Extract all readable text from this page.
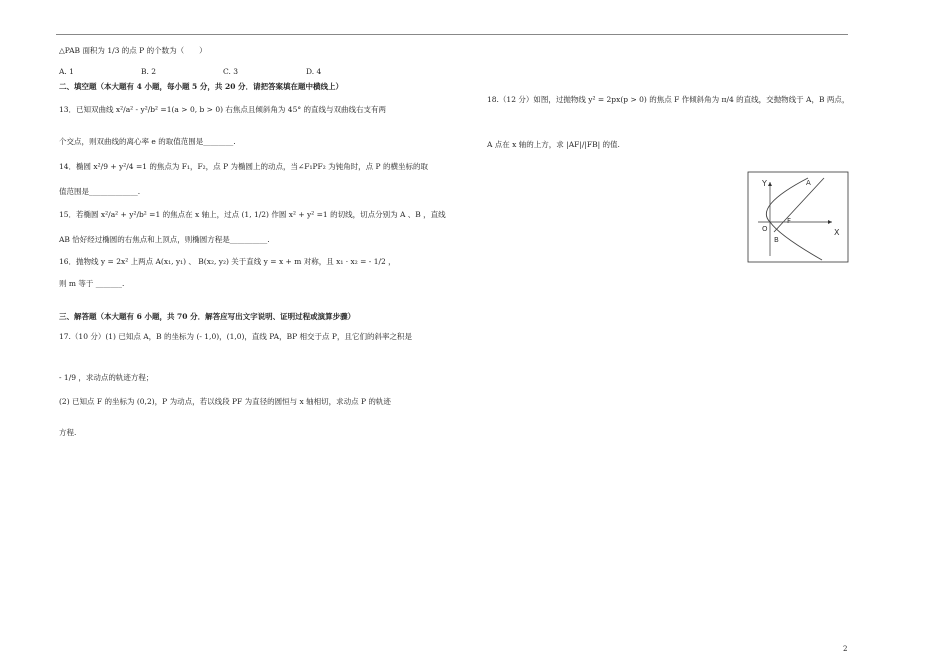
△PAB 面积为 1/3 的点 P 的个数为（　　）
A. 1	B. 2	C. 3	D. 4
二、填空题（本大题有 4 小题，每小题 5 分，共 20 分．请把答案填在题中横线上）
13．已知双曲线 x²/a² - y²/b² =1(a > 0, b > 0) 右焦点且倾斜角为 45° 的直线与双曲线右支有两
个交点，则双曲线的离心率 e 的取值范围是________.
14．椭圆 x²/9 + y²/4 =1 的焦点为 F₁，F₂，点 P 为椭圆上的动点，当∠F₁PF₂ 为钝角时，点 P 的横坐标的取
值范围是_____________.
15．若椭圆 x²/a² + y²/b² =1 的焦点在 x 轴上，过点 (1, 1/2) 作圆 x² + y² =1 的切线，切点分别为 A 、B ，直线
AB 恰好经过椭圆的右焦点和上顶点，则椭圆方程是__________.
16．抛物线 y = 2x² 上两点 A(x₁, y₁) 、 B(x₂, y₂) 关于直线 y = x + m 对称，且 x₁ · x₂ = - 1/2 ，
则 m 等于 _______.
三、解答题（本大题有 6 小题，共 70 分．解答应写出文字说明、证明过程或演算步骤）
17.（10 分）(1) 已知点 A，B 的坐标为 (- 1,0)，(1,0)，直线 PA，BP 相交于点 P，且它们的斜率之积是
- 1/9 ，求动点的轨迹方程；
(2) 已知点 F 的坐标为 (0,2)，P 为动点，若以线段 PF 为直径的圆恒与 x 轴相切，求动点 P 的轨迹
方程.
18.（12 分）如图，过抛物线 y² = 2px(p > 0) 的焦点 F 作倾斜角为 π/4 的直线，交抛物线于 A，B 两点，
A 点在 x 轴的上方，求 |AF|/|FB| 的值.
Y
X
O
A
B
F
2
